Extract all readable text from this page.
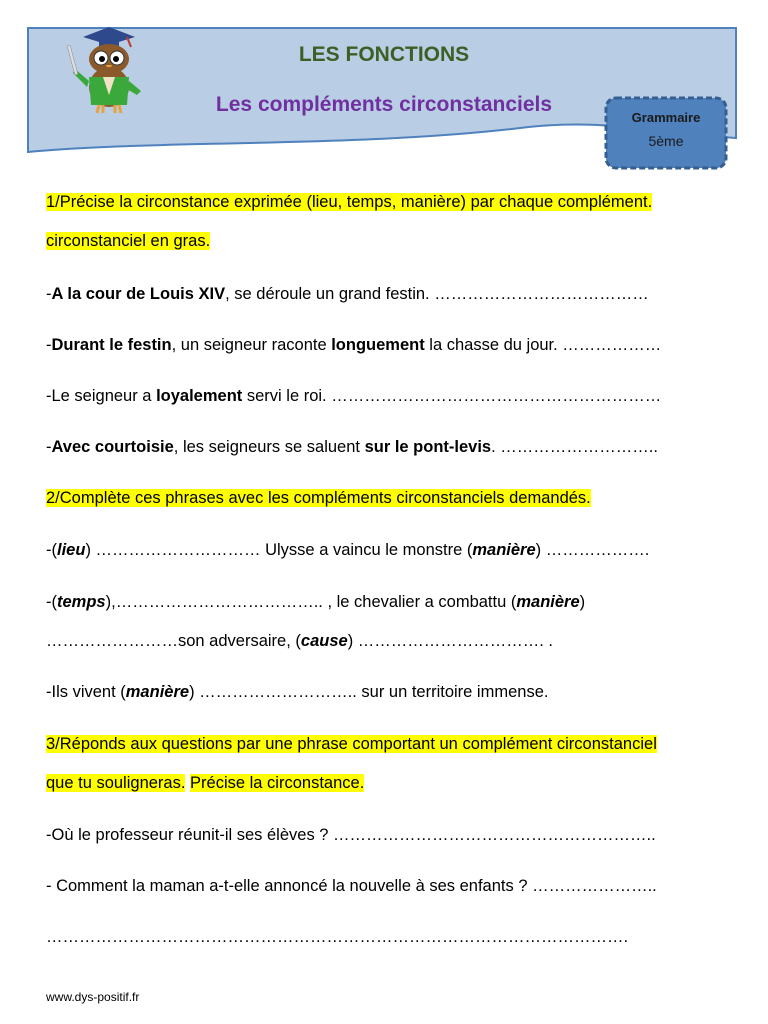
LES FONCTIONS
Les compléments circonstanciels
Grammaire
5ème
1/Précise la circonstance exprimée (lieu, temps, manière) par chaque complément.
circonstanciel en gras.
-A la cour de Louis XIV, se déroule un grand festin. …………………………………
-Durant le festin, un seigneur raconte longuement la chasse du jour. ………………
-Le seigneur a loyalement servi le roi. ……………………………………………………
-Avec courtoisie, les seigneurs se saluent sur le pont-levis. ………………………..
2/Complète ces phrases avec les compléments circonstanciels demandés.
-(lieu) ………………………… Ulysse a vaincu le monstre (manière) ……………….
-(temps),……………………………….. , le chevalier a combattu (manière)
……………………son adversaire, (cause) ……………………………. .
-Ils vivent (manière) ……………………….. sur un territoire immense.
3/Réponds aux questions par une phrase comportant un complément circonstanciel
que tu souligneras. Précise la circonstance.
-Où le professeur réunit-il ses élèves ? …………………………………………………..
- Comment la maman a-t-elle annoncé la nouvelle à ses enfants ? …………………..
…………………………………………………………………………………………….
www.dys-positif.fr
